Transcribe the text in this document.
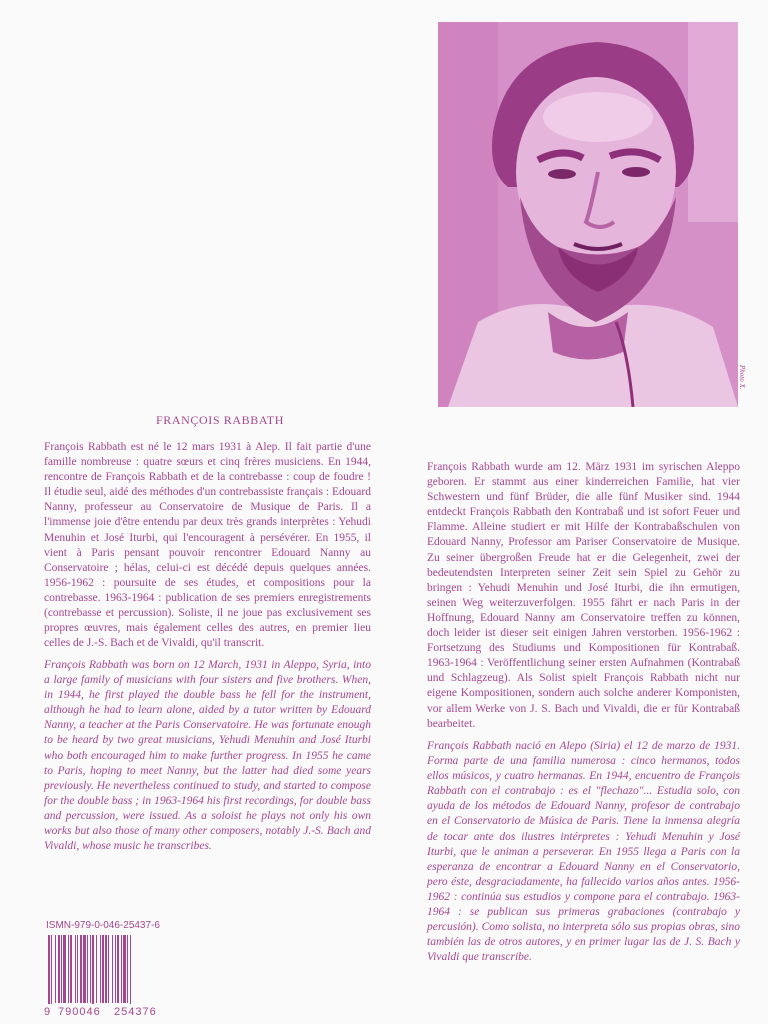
Photo X.
FRANÇOIS RABBATH

François Rabbath est né le 12 mars 1931 à Alep. Il fait partie d'une famille nombreuse : quatre sœurs et cinq frères musiciens. En 1944, rencontre de François Rabbath et de la contrebasse : coup de foudre ! Il étudie seul, aidé des méthodes d'un contrebassiste français : Edouard Nanny, professeur au Conservatoire de Musique de Paris. Il a l'immense joie d'être entendu par deux très grands interprètes : Yehudi Menuhin et José Iturbi, qui l'encouragent à persévérer. En 1955, il vient à Paris pensant pouvoir rencontrer Edouard Nanny au Conservatoire ; hélas, celui-ci est décédé depuis quelques années. 1956-1962 : poursuite de ses études, et compositions pour la contrebasse. 1963-1964 : publication de ses premiers enregistrements (contrebasse et percussion). Soliste, il ne joue pas exclusivement ses propres œuvres, mais également celles des autres, en premier lieu celles de J.-S. Bach et de Vivaldi, qu'il transcrit.

François Rabbath was born on 12 March, 1931 in Aleppo, Syria, into a large family of musicians with four sisters and five brothers. When, in 1944, he first played the double bass he fell for the instrument, although he had to learn alone, aided by a tutor written by Edouard Nanny, a teacher at the Paris Conservatoire. He was fortunate enough to be heard by two great musicians, Yehudi Menuhin and José Iturbi who both encouraged him to make further progress. In 1955 he came to Paris, hoping to meet Nanny, but the latter had died some years previously. He nevertheless continued to study, and started to compose for the double bass ; in 1963-1964 his first recordings, for double bass and percussion, were issued. As a soloist he plays not only his own works but also those of many other composers, notably J.-S. Bach and Vivaldi, whose music he transcribes.

François Rabbath wurde am 12. März 1931 im syrischen Aleppo geboren. Er stammt aus einer kinderreichen Familie, hat vier Schwestern und fünf Brüder, die alle fünf Musiker sind. 1944 entdeckt François Rabbath den Kontrabaß und ist sofort Feuer und Flamme. Alleine studiert er mit Hilfe der Kontrabaßschulen von Edouard Nanny, Professor am Pariser Conservatoire de Musique. Zu seiner übergroßen Freude hat er die Gelegenheit, zwei der bedeutendsten Interpreten seiner Zeit sein Spiel zu Gehör zu bringen : Yehudi Menuhin und José Iturbi, die ihn ermutigen, seinen Weg weiterzuverfolgen. 1955 fährt er nach Paris in der Hoffnung, Edouard Nanny am Conservatoire treffen zu können, doch leider ist dieser seit einigen Jahren verstorben. 1956-1962 : Fortsetzung des Studiums und Kompositionen für Kontrabaß. 1963-1964 : Veröffentlichung seiner ersten Aufnahmen (Kontrabaß und Schlagzeug). Als Solist spielt François Rabbath nicht nur eigene Kompositionen, sondern auch solche anderer Komponisten, vor allem Werke von J. S. Bach und Vivaldi, die er für Kontrabaß bearbeitet.

François Rabbath nació en Alepo (Siria) el 12 de marzo de 1931. Forma parte de una familia numerosa : cinco hermanos, todos ellos músicos, y cuatro hermanas. En 1944, encuentro de François Rabbath con el contrabajo : es el "flechazo"... Estudia solo, con ayuda de los métodos de Edouard Nanny, profesor de contrabajo en el Conservatorio de Música de Paris. Tiene la inmensa alegría de tocar ante dos ilustres intérpretes : Yehudi Menuhin y José Iturbi, que le animan a perseverar. En 1955 llega a Paris con la esperanza de encontrar a Edouard Nanny en el Conservatorio, pero éste, desgraciadamente, ha fallecido varios años antes. 1956-1962 : continúa sus estudios y compone para el contrabajo. 1963-1964 : se publican sus primeras grabaciones (contrabajo y percusión). Como solista, no interpreta sólo sus propias obras, sino también las de otros autores, y en primer lugar las de J. S. Bach y Vivaldi que transcribe.

ISMN-979-0-046-25437-6
9 790046	254376
